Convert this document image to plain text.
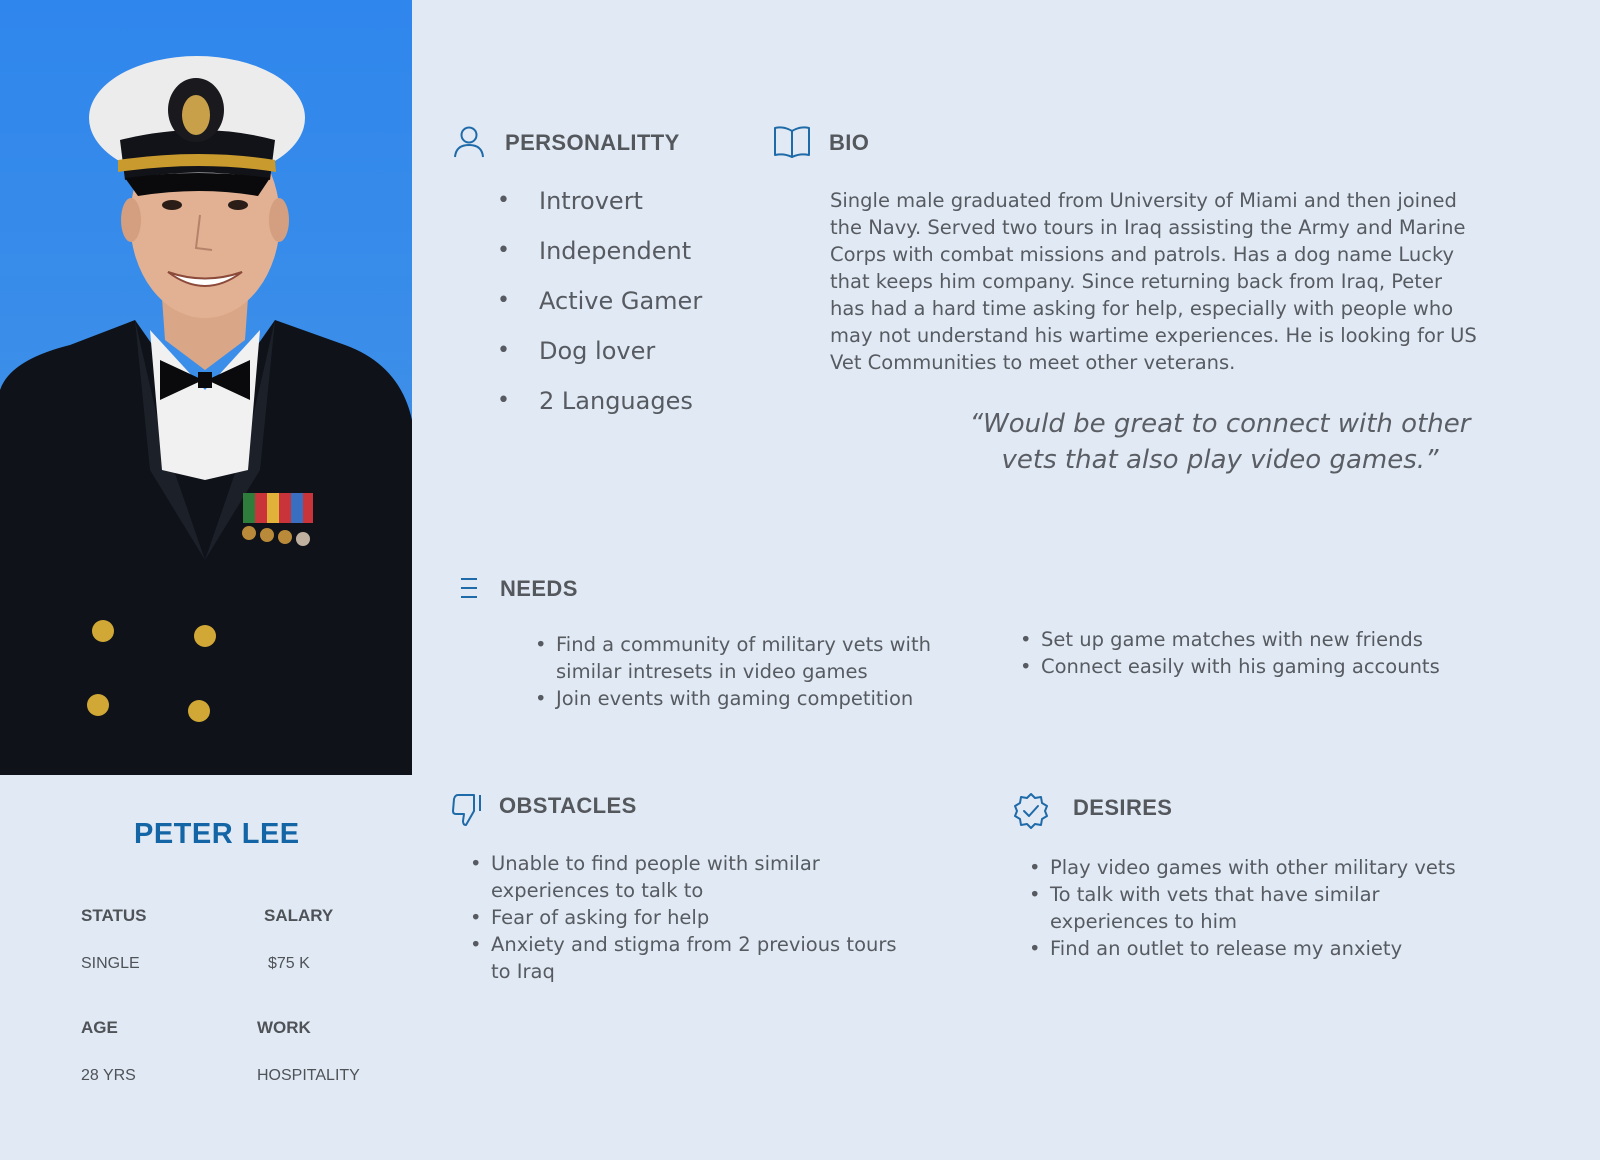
PETER LEE
STATUS	SALARY
SINGLE	$75 K
AGE	WORK
28 YRS	HOSPITALITY
PERSONALITTY
• Introvert
• Independent
• Active Gamer
• Dog lover
• 2 Languages
BIO
Single male graduated from University of Miami and then joined the Navy. Served two tours in Iraq assisting the Army and Marine Corps with combat missions and patrols. Has a dog name Lucky that keeps him company. Since returning back from Iraq, Peter has had a hard time asking for help, especially with people who may not understand his wartime experiences. He is looking for US Vet Communities to meet other veterans.
“Would be great to connect with other vets that also play video games.”
NEEDS
• Find a community of military vets with similar intresets in video games
• Join events with gaming competition
• Set up game matches with new friends
• Connect easily with his gaming accounts
OBSTACLES
• Unable to find people with similar experiences to talk to
• Fear of asking for help
• Anxiety and stigma from 2 previous tours to Iraq
DESIRES
• Play video games with other military vets
• To talk with vets that have similar experiences to him
• Find an outlet to release my anxiety
